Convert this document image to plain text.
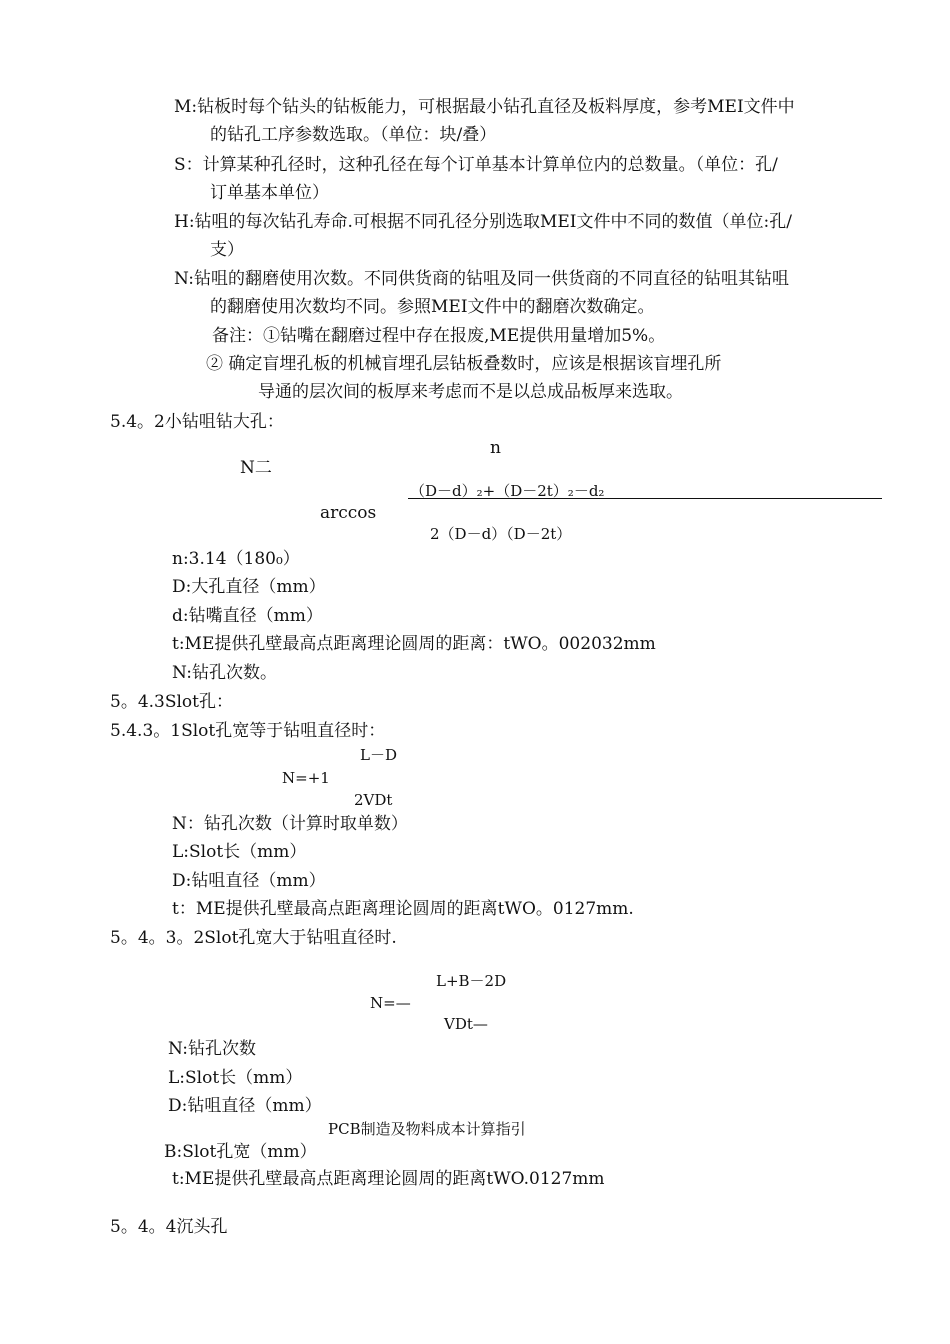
M:钻板时每个钻头的钻板能力，可根据最小钻孔直径及板料厚度，参考MEI文件中
的钻孔工序参数选取。（单位：块/叠）
S：计算某种孔径时，这种孔径在每个订单基本计算单位内的总数量。（单位：孔/
订单基本单位）
H:钻咀的每次钻孔寿命.可根据不同孔径分别选取MEI文件中不同的数值（单位:孔/
支）
N:钻咀的翻磨使用次数。不同供货商的钻咀及同一供货商的不同直径的钻咀其钻咀
的翻磨使用次数均不同。参照MEI文件中的翻磨次数确定。
备注：①钻嘴在翻磨过程中存在报废,ME提供用量增加5%。
② 确定盲埋孔板的机械盲埋孔层钻板叠数时，应该是根据该盲埋孔所
导通的层次间的板厚来考虑而不是以总成品板厚来选取。
5.4。2小钻咀钻大孔：
n
N二
（D－d）₂+（D－2t）₂－d₂
arccos
2（D－d）（D－2t）
n:3.14（180₀）
D:大孔直径（mm）
d:钻嘴直径（mm）
t:ME提供孔壁最高点距离理论圆周的距离：tWO。002032mm
N:钻孔次数。
5。4.3Slot孔：
5.4.3。1Slot孔宽等于钻咀直径时：
L－D
N=+1
2VDt
N：钻孔次数（计算时取单数）
L:Slot长（mm）
D:钻咀直径（mm）
t：ME提供孔壁最高点距离理论圆周的距离tWO。0127mm.
5。4。3。2Slot孔宽大于钻咀直径时.
L+B－2D
N=—
VDt—
N:钻孔次数
L:Slot长（mm）
D:钻咀直径（mm）
PCB制造及物料成本计算指引
B:Slot孔宽（mm）
t:ME提供孔壁最高点距离理论圆周的距离tWO.0127mm
5。4。4沉头孔
